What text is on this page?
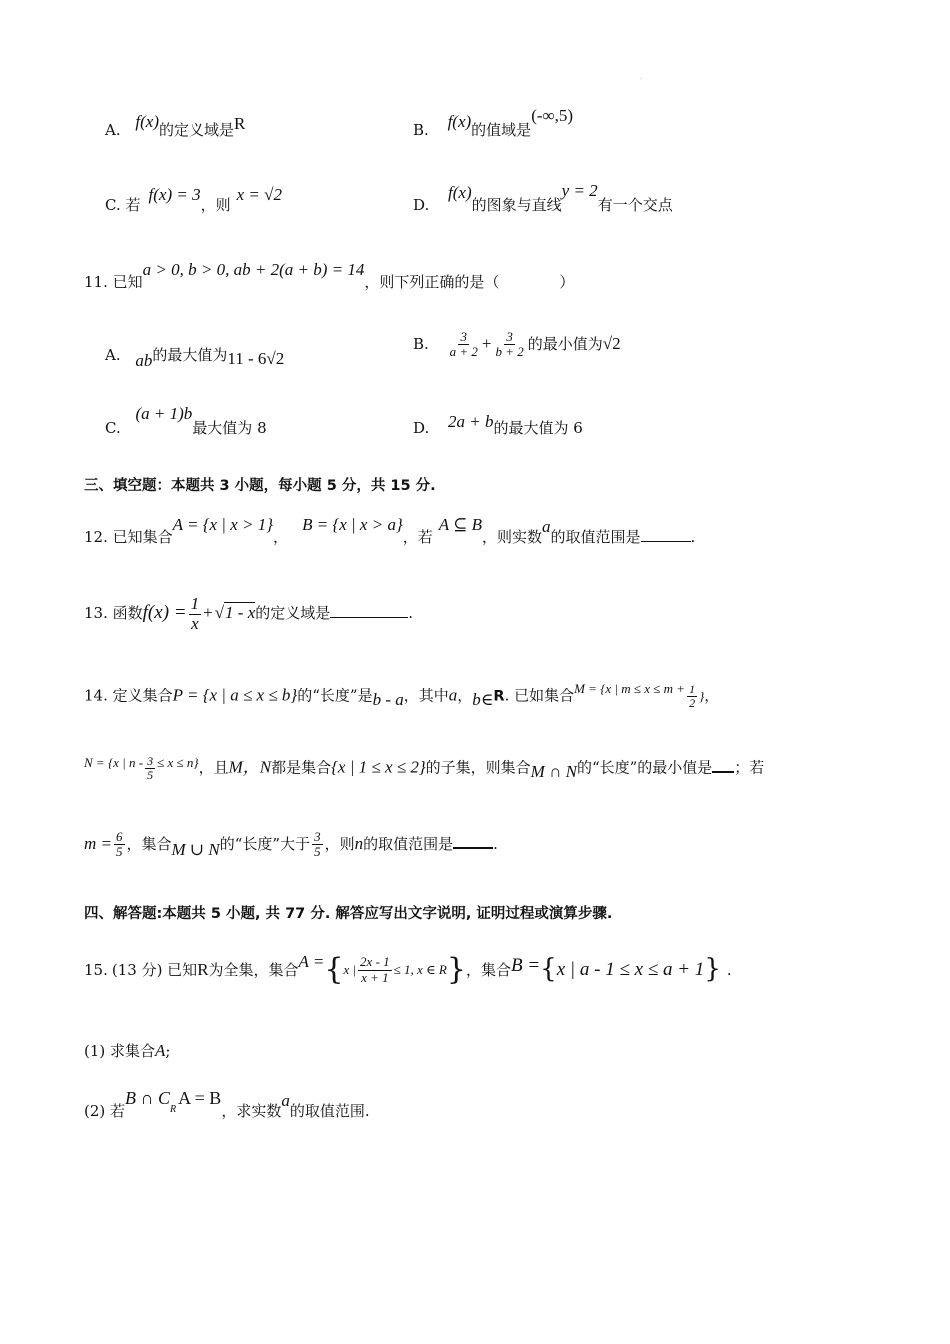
·
A. f(x)的定义域是R	B. f(x)的值域是(-∞,5)
C. 若f(x) = 3，则x = √2
D. f(x)的图象与直线y = 2有一个交点
11. 已知a > 0, b > 0, ab + 2(a + b) = 14，则下列正确的是（　　　　）
A. ab的最大值为11 - 6√2
B. $\frac{3}{a + 2} + \frac{3}{b + 2}$ 的最小值为√2
C. (a + 1)b最大值为 8	D. 2a + b的最大值为 6
三、填空题：本题共 3 小题，每小题 5 分，共 15 分.
12. 已知集合A = {x | x > 1}，B = {x | x > a}，若A ⊆ B，则实数a的取值范围是	.
13. 函数$f(x) = \frac{1}{x} + √1 - x$的定义域是	.
14. 定义集合P = {x | a ≤ x ≤ b}的“长度”是b - a，其中a，b∈R. 已如集合M = {x | $m \le x \le m + \frac{1}{2}$ }，
N = {x | $n - \frac{3}{5} \le x \le n$}，且M，N都是集合{x | 1 ≤ x ≤ 2}的子集，则集合M ∩ N的“长度”的最小值是 ；若
$m = \frac{6}{5}$ ，集合M ∪ N的“长度”大于 $\frac{3}{5}$ ，则n的取值范围是	.
四、解答题:本题共 5 小题, 共 77 分. 解答应写出文字说明, 证明过程或演算步骤.
15. (13 分) 已知 R 为全集，集合 A = { x | $\frac{2x - 1}{x + 1} \le 1$, x ∈ R } ，集合 B = { x | a - 1 ≤ x ≤ a + 1 } .
(1) 求集合A;
(2) 若B ∩ $C_RA = B$，求实数a的取值范围.
